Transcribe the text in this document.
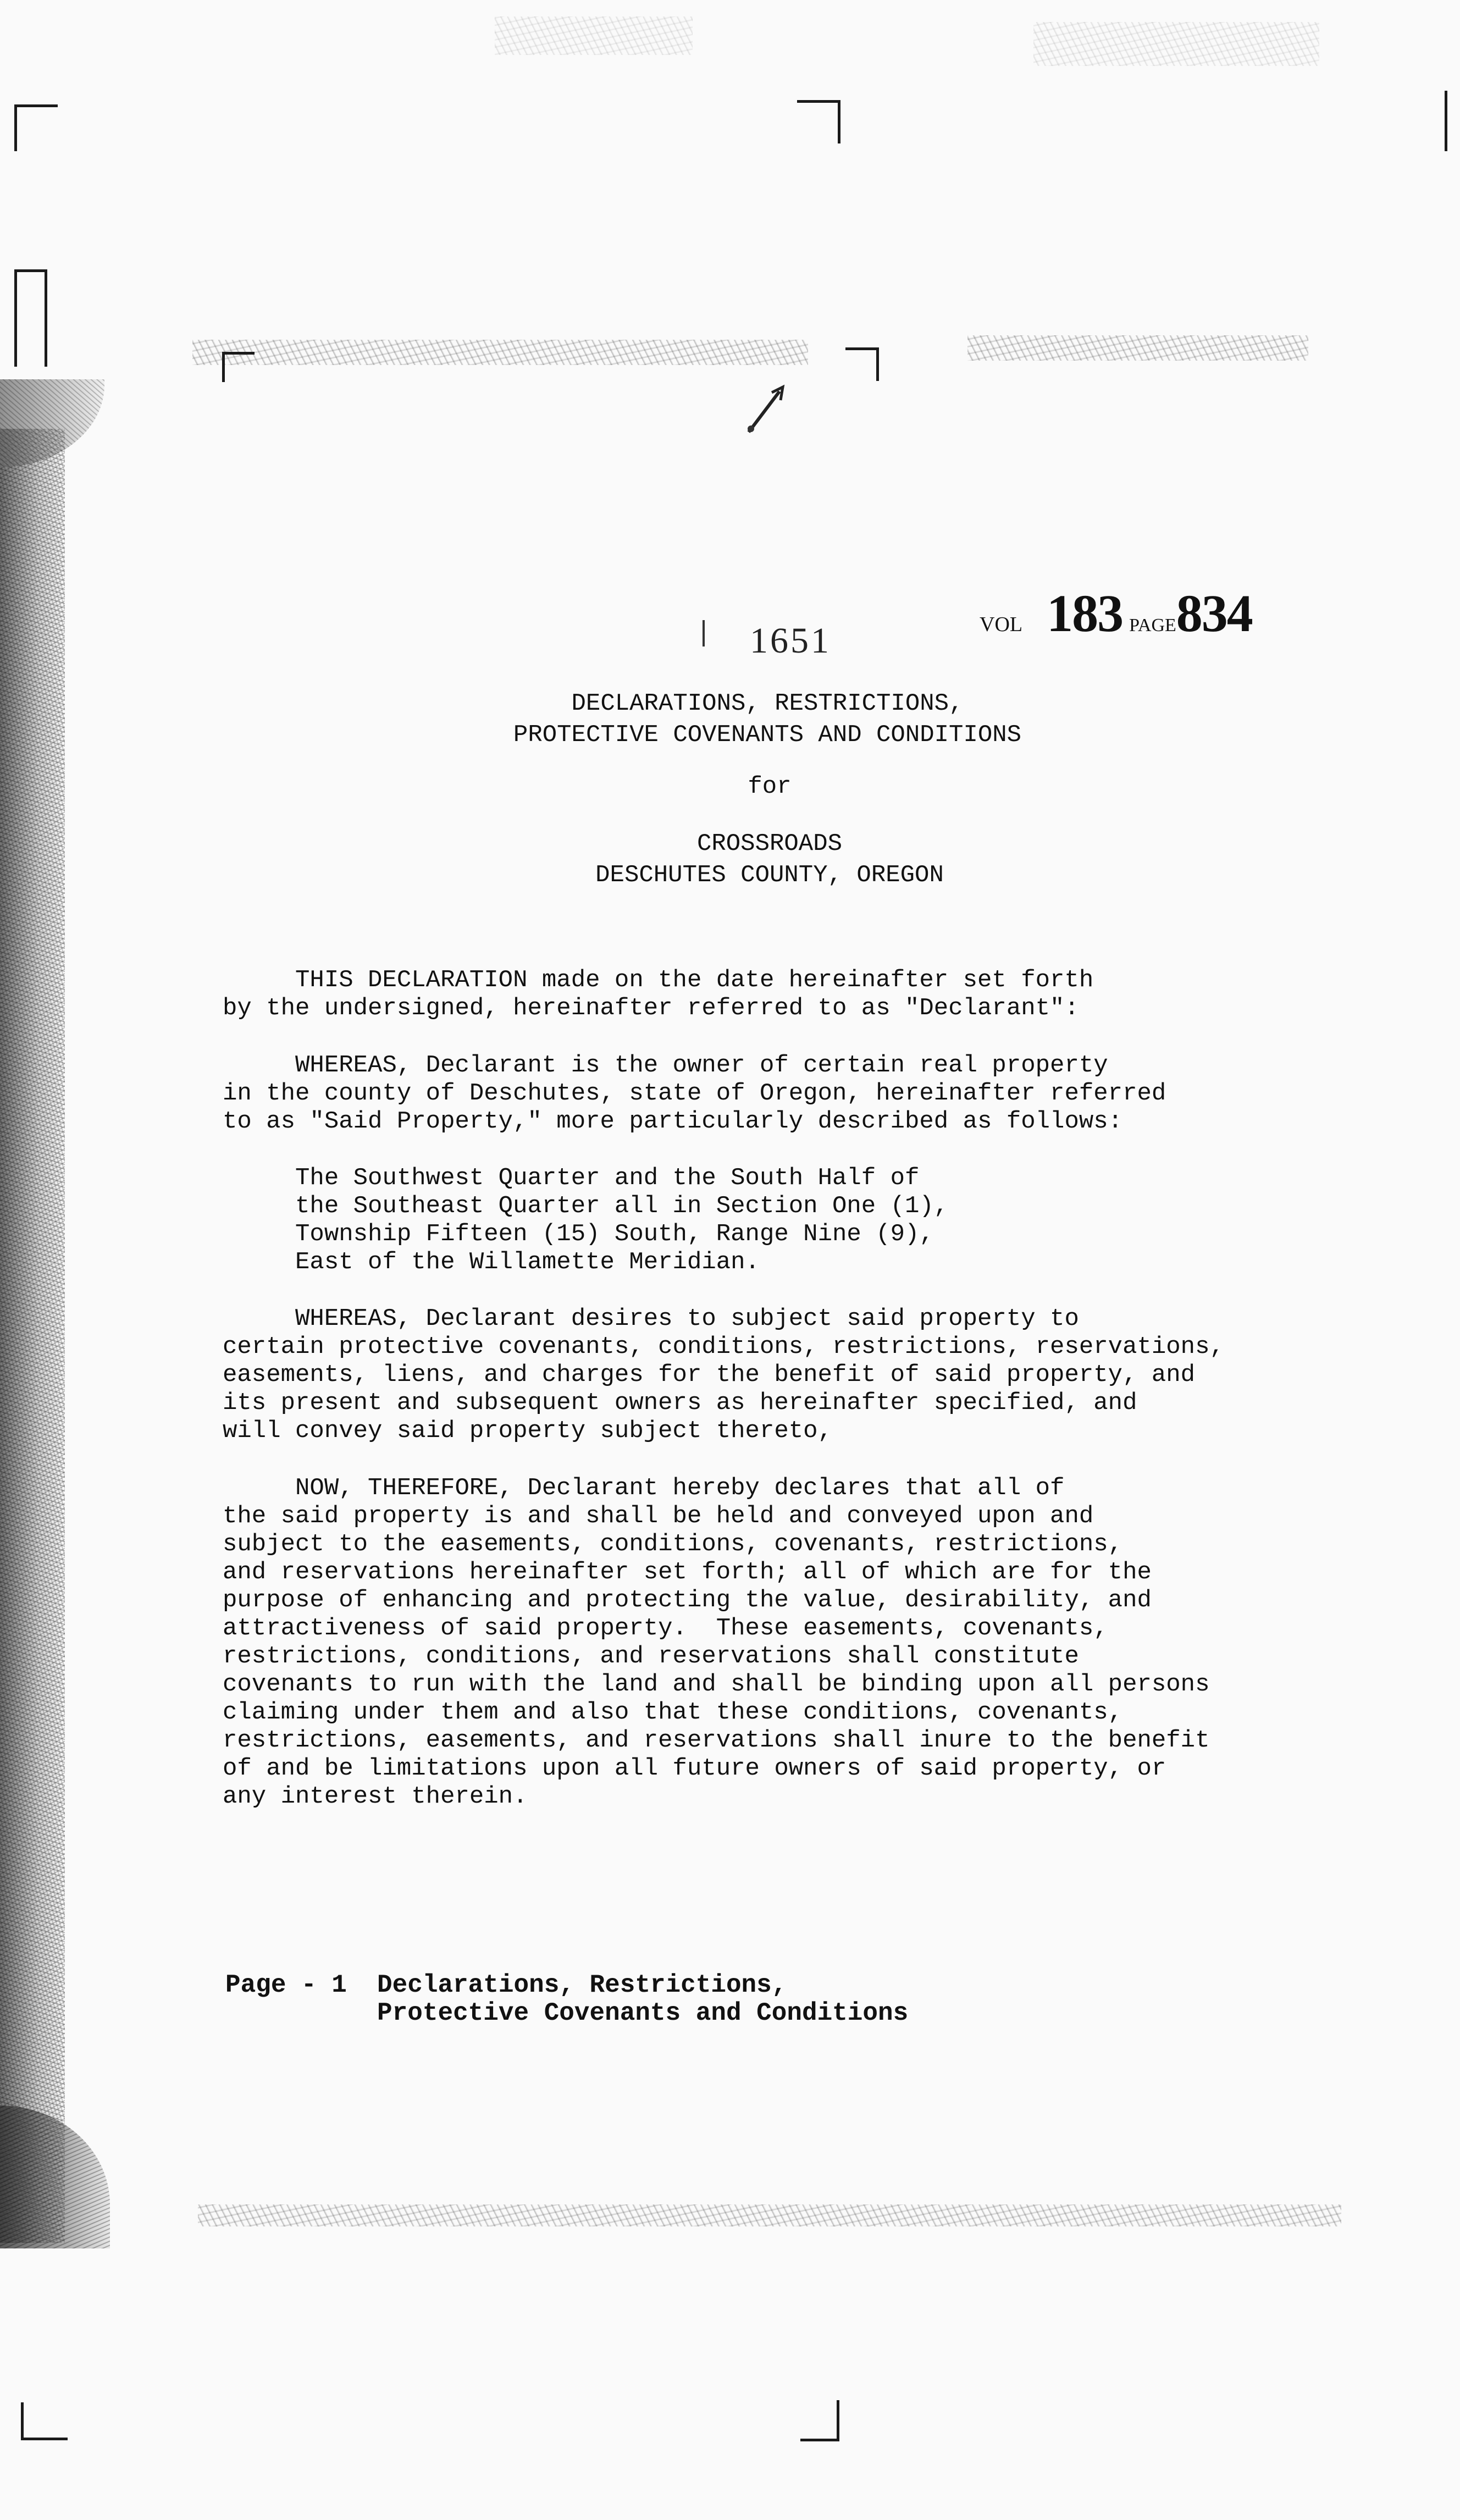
1651	VOL 183 PAGE834
DECLARATIONS, RESTRICTIONS,
PROTECTIVE COVENANTS AND CONDITIONS
for
CROSSROADS
DESCHUTES COUNTY, OREGON
THIS DECLARATION made on the date hereinafter set forth
by the undersigned, hereinafter referred to as "Declarant":
WHEREAS, Declarant is the owner of certain real property
in the county of Deschutes, state of Oregon, hereinafter referred
to as "Said Property," more particularly described as follows:
The Southwest Quarter and the South Half of
the Southeast Quarter all in Section One (1),
Township Fifteen (15) South, Range Nine (9),
East of the Willamette Meridian.
WHEREAS, Declarant desires to subject said property to
certain protective covenants, conditions, restrictions, reservations,
easements, liens, and charges for the benefit of said property, and
its present and subsequent owners as hereinafter specified, and
will convey said property subject thereto,
NOW, THEREFORE, Declarant hereby declares that all of
the said property is and shall be held and conveyed upon and
subject to the easements, conditions, covenants, restrictions,
and reservations hereinafter set forth; all of which are for the
purpose of enhancing and protecting the value, desirability, and
attractiveness of said property.  These easements, covenants,
restrictions, conditions, and reservations shall constitute
covenants to run with the land and shall be binding upon all persons
claiming under them and also that these conditions, covenants,
restrictions, easements, and reservations shall inure to the benefit
of and be limitations upon all future owners of said property, or
any interest therein.
Page - 1  Declarations, Restrictions,
Protective Covenants and Conditions
